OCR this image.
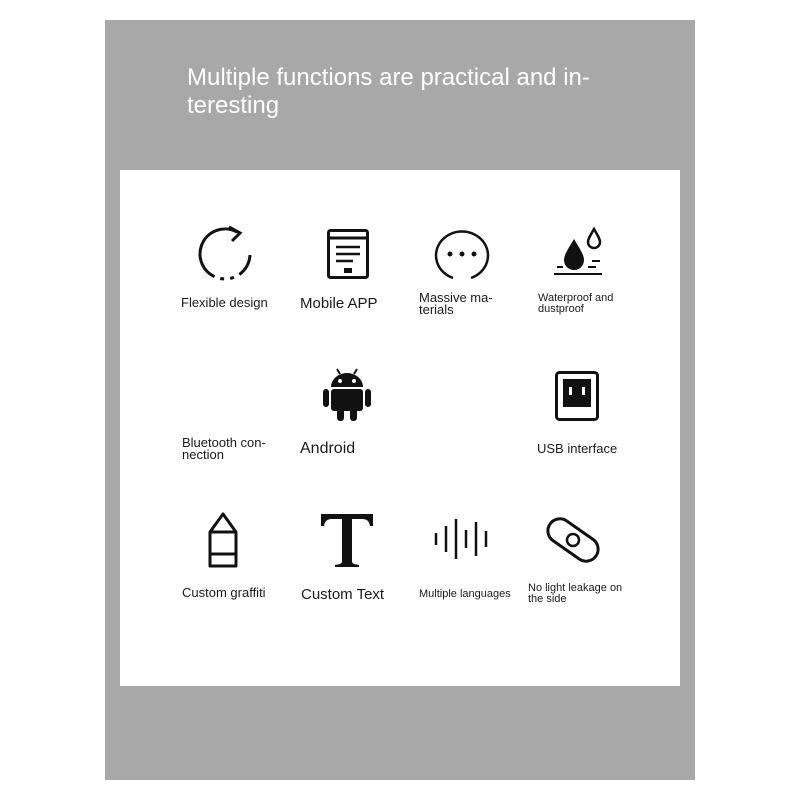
Multiple functions are practical and in-
teresting
Flexible design Mobile APP	Massive ma-
terials
Waterproof and
dustproof
Bluetooth con-
nection	Android	USB interface
Custom graffiti Custom Text	Multiple languages No light leakage on
the side
